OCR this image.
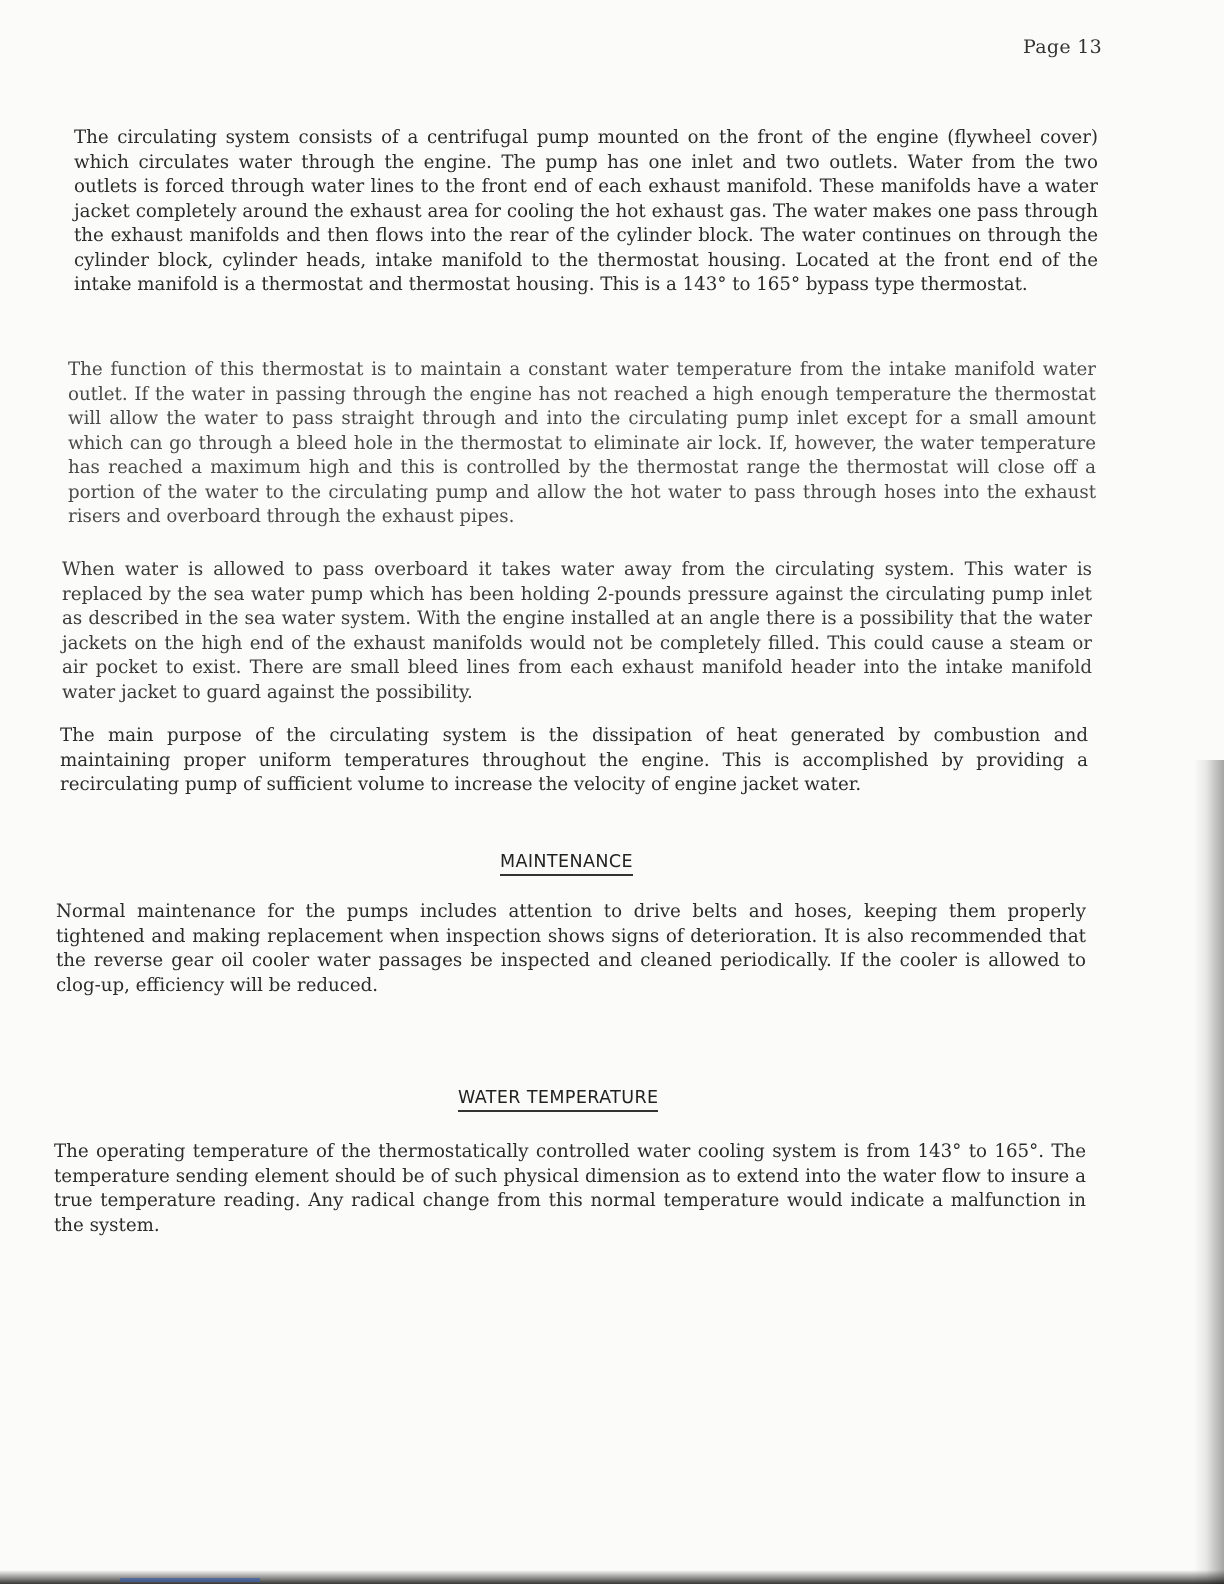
Page 13

The circulating system consists of a centrifugal pump mounted on the front of the engine (flywheel cover) which circulates water through the engine. The pump has one inlet and two outlets. Water from the two outlets is forced through water lines to the front end of each exhaust manifold. These manifolds have a water jacket completely around the exhaust area for cooling the hot exhaust gas. The water makes one pass through the exhaust manifolds and then flows into the rear of the cylinder block. The water continues on through the cylinder block, cylinder heads, intake manifold to the thermostat housing. Located at the front end of the intake manifold is a thermostat and thermostat housing. This is a 143° to 165° bypass type thermostat.

The function of this thermostat is to maintain a constant water temperature from the intake manifold water outlet. If the water in passing through the engine has not reached a high enough temperature the thermostat will allow the water to pass straight through and into the circulating pump inlet except for a small amount which can go through a bleed hole in the thermostat to eliminate air lock. If, however, the water temperature has reached a maximum high and this is controlled by the thermostat range the thermostat will close off a portion of the water to the circulating pump and allow the hot water to pass through hoses into the exhaust risers and overboard through the exhaust pipes.

When water is allowed to pass overboard it takes water away from the circulating system. This water is replaced by the sea water pump which has been holding 2-pounds pressure against the circulating pump inlet as described in the sea water system. With the engine installed at an angle there is a possibility that the water jackets on the high end of the exhaust manifolds would not be completely filled. This could cause a steam or air pocket to exist. There are small bleed lines from each exhaust manifold header into the intake manifold water jacket to guard against the possibility.

The main purpose of the circulating system is the dissipation of heat generated by combustion and maintaining proper uniform temperatures throughout the engine. This is accomplished by providing a recirculating pump of sufficient volume to increase the velocity of engine jacket water.

MAINTENANCE

Normal maintenance for the pumps includes attention to drive belts and hoses, keeping them properly tightened and making replacement when inspection shows signs of deterioration. It is also recommended that the reverse gear oil cooler water passages be inspected and cleaned periodically. If the cooler is allowed to clog-up, efficiency will be reduced.

WATER TEMPERATURE

The operating temperature of the thermostatically controlled water cooling system is from 143° to 165°. The temperature sending element should be of such physical dimension as to extend into the water flow to insure a true temperature reading. Any radical change from this normal temperature would indicate a malfunction in the system.
